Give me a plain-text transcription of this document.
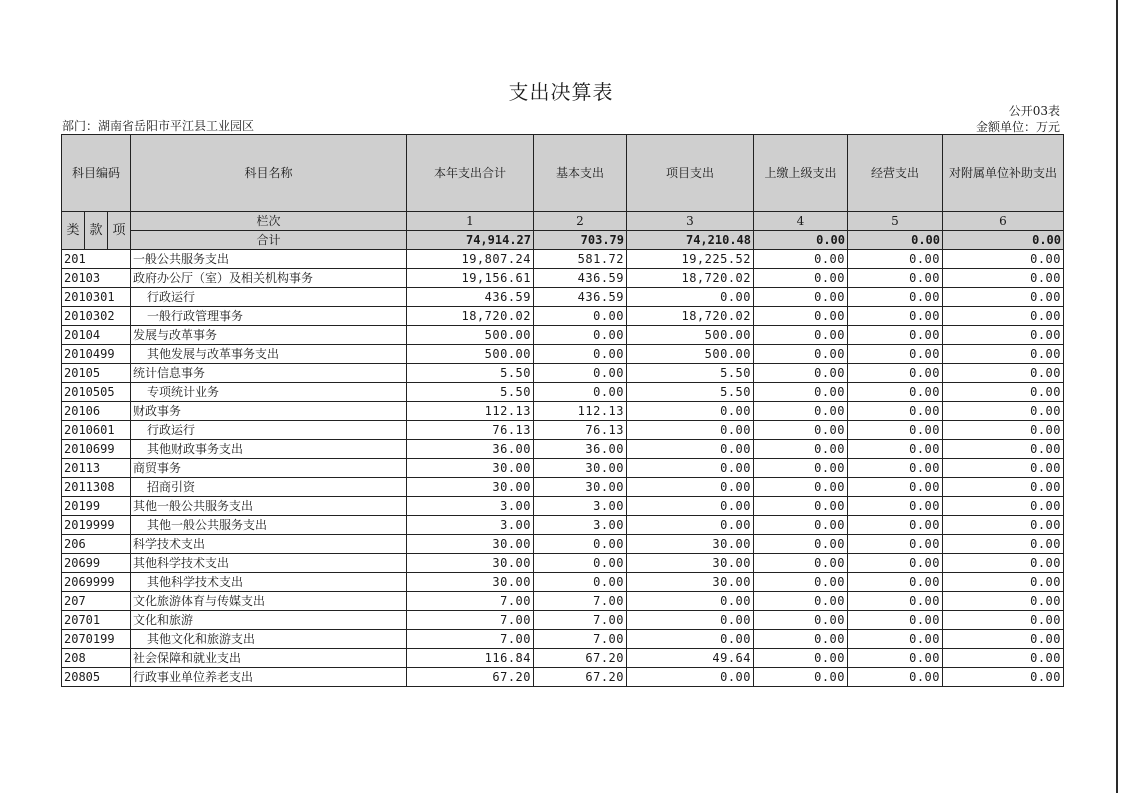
支出决算表
公开03表
部门：湖南省岳阳市平江县工业园区	金额单位：万元
科目编码			科目名称	本年支出合计	基本支出	项目支出	上缴上级支出	经营支出	对附属单位补助支出
类	款	项	栏次	1	2	3	4	5	6
			合计	74,914.27	703.79	74,210.48	0.00	0.00	0.00
201			一般公共服务支出	19,807.24	581.72	19,225.52	0.00	0.00	0.00
20103			政府办公厅（室）及相关机构事务	19,156.61	436.59	18,720.02	0.00	0.00	0.00
2010301			行政运行	436.59	436.59	0.00	0.00	0.00	0.00
2010302			一般行政管理事务	18,720.02	0.00	18,720.02	0.00	0.00	0.00
20104			发展与改革事务	500.00	0.00	500.00	0.00	0.00	0.00
2010499			其他发展与改革事务支出	500.00	0.00	500.00	0.00	0.00	0.00
20105			统计信息事务	5.50	0.00	5.50	0.00	0.00	0.00
2010505			专项统计业务	5.50	0.00	5.50	0.00	0.00	0.00
20106			财政事务	112.13	112.13	0.00	0.00	0.00	0.00
2010601			行政运行	76.13	76.13	0.00	0.00	0.00	0.00
2010699			其他财政事务支出	36.00	36.00	0.00	0.00	0.00	0.00
20113			商贸事务	30.00	30.00	0.00	0.00	0.00	0.00
2011308			招商引资	30.00	30.00	0.00	0.00	0.00	0.00
20199			其他一般公共服务支出	3.00	3.00	0.00	0.00	0.00	0.00
2019999			其他一般公共服务支出	3.00	3.00	0.00	0.00	0.00	0.00
206			科学技术支出	30.00	0.00	30.00	0.00	0.00	0.00
20699			其他科学技术支出	30.00	0.00	30.00	0.00	0.00	0.00
2069999			其他科学技术支出	30.00	0.00	30.00	0.00	0.00	0.00
207			文化旅游体育与传媒支出	7.00	7.00	0.00	0.00	0.00	0.00
20701			文化和旅游	7.00	7.00	0.00	0.00	0.00	0.00
2070199			其他文化和旅游支出	7.00	7.00	0.00	0.00	0.00	0.00
208			社会保障和就业支出	116.84	67.20	49.64	0.00	0.00	0.00
20805			行政事业单位养老支出	67.20	67.20	0.00	0.00	0.00	0.00
